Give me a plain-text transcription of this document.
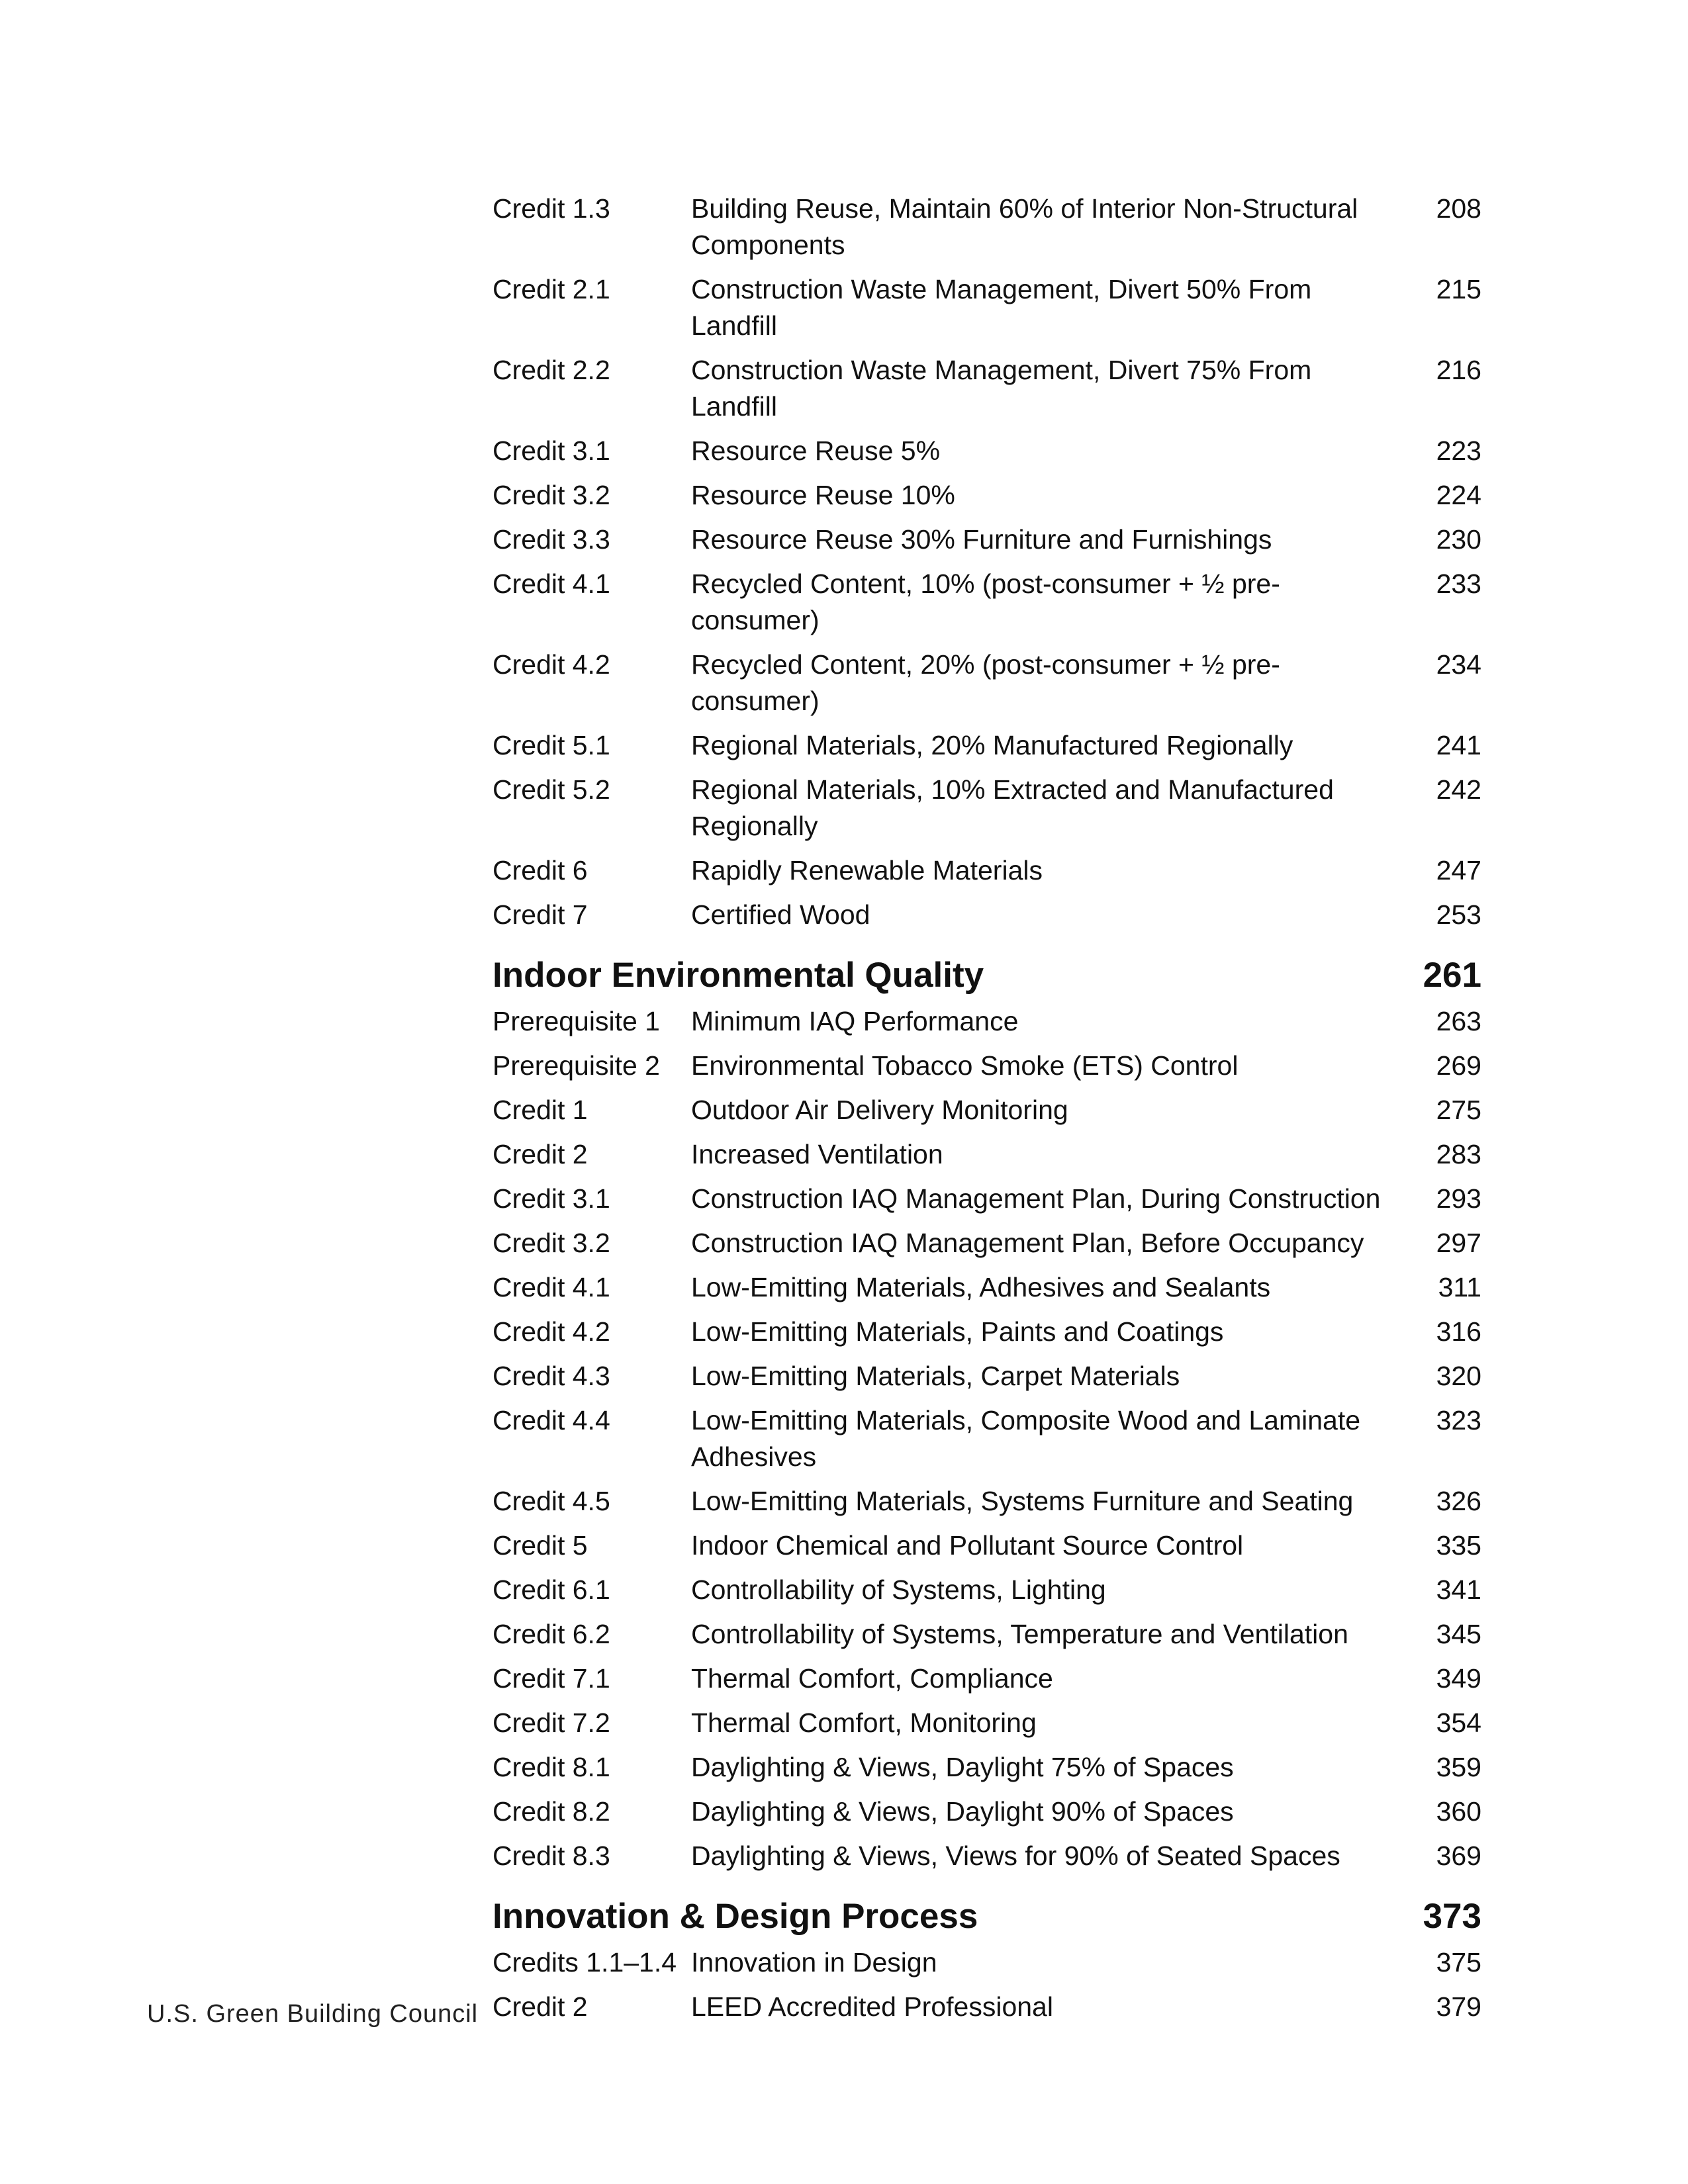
Credit 1.3	Building Reuse, Maintain 60% of Interior Non-Structural Components
208
Credit 2.1	Construction Waste Management, Divert 50% From Landfill
215
Credit 2.2	Construction Waste Management, Divert 75% From Landfill
216
Credit 3.1	Resource Reuse 5%	223
Credit 3.2	Resource Reuse 10%	224
Credit 3.3	Resource Reuse 30% Furniture and Furnishings	230
Credit 4.1	Recycled Content, 10% (post-consumer + ½ pre-consumer)
233
Credit 4.2	Recycled Content, 20% (post-consumer + ½ pre-consumer)
234
Credit 5.1	Regional Materials, 20% Manufactured Regionally	241
Credit 5.2	Regional Materials, 10% Extracted and Manufactured Regionally
242
Credit 6	Rapidly Renewable Materials	247
Credit 7	Certified Wood	253
Indoor Environmental Quality	261
Prerequisite 1	Minimum IAQ Performance	263
Prerequisite 2	Environmental Tobacco Smoke (ETS) Control	269
Credit 1	Outdoor Air Delivery Monitoring	275
Credit 2	Increased Ventilation	283
Credit 3.1	Construction IAQ Management Plan, During Construction	293
Credit 3.2	Construction IAQ Management Plan, Before Occupancy	297
Credit 4.1	Low-Emitting Materials, Adhesives and Sealants	311
Credit 4.2	Low-Emitting Materials, Paints and Coatings	316
Credit 4.3	Low-Emitting Materials, Carpet Materials	320
Credit 4.4	Low-Emitting Materials, Composite Wood and Laminate Adhesives
323
Credit 4.5	Low-Emitting Materials, Systems Furniture and Seating	326
Credit 5	Indoor Chemical and Pollutant Source Control	335
Credit 6.1	Controllability of Systems, Lighting	341
Credit 6.2	Controllability of Systems, Temperature and Ventilation	345
Credit 7.1	Thermal Comfort, Compliance	349
Credit 7.2	Thermal Comfort, Monitoring	354
Credit 8.1	Daylighting & Views, Daylight 75% of Spaces	359
Credit 8.2	Daylighting & Views, Daylight 90% of Spaces	360
Credit 8.3	Daylighting & Views, Views for 90% of Seated Spaces	369
Innovation & Design Process	373
Credits 1.1–1.4 Innovation in Design	375
Credit 2	LEED Accredited Professional	379
U.S. Green Building Council
